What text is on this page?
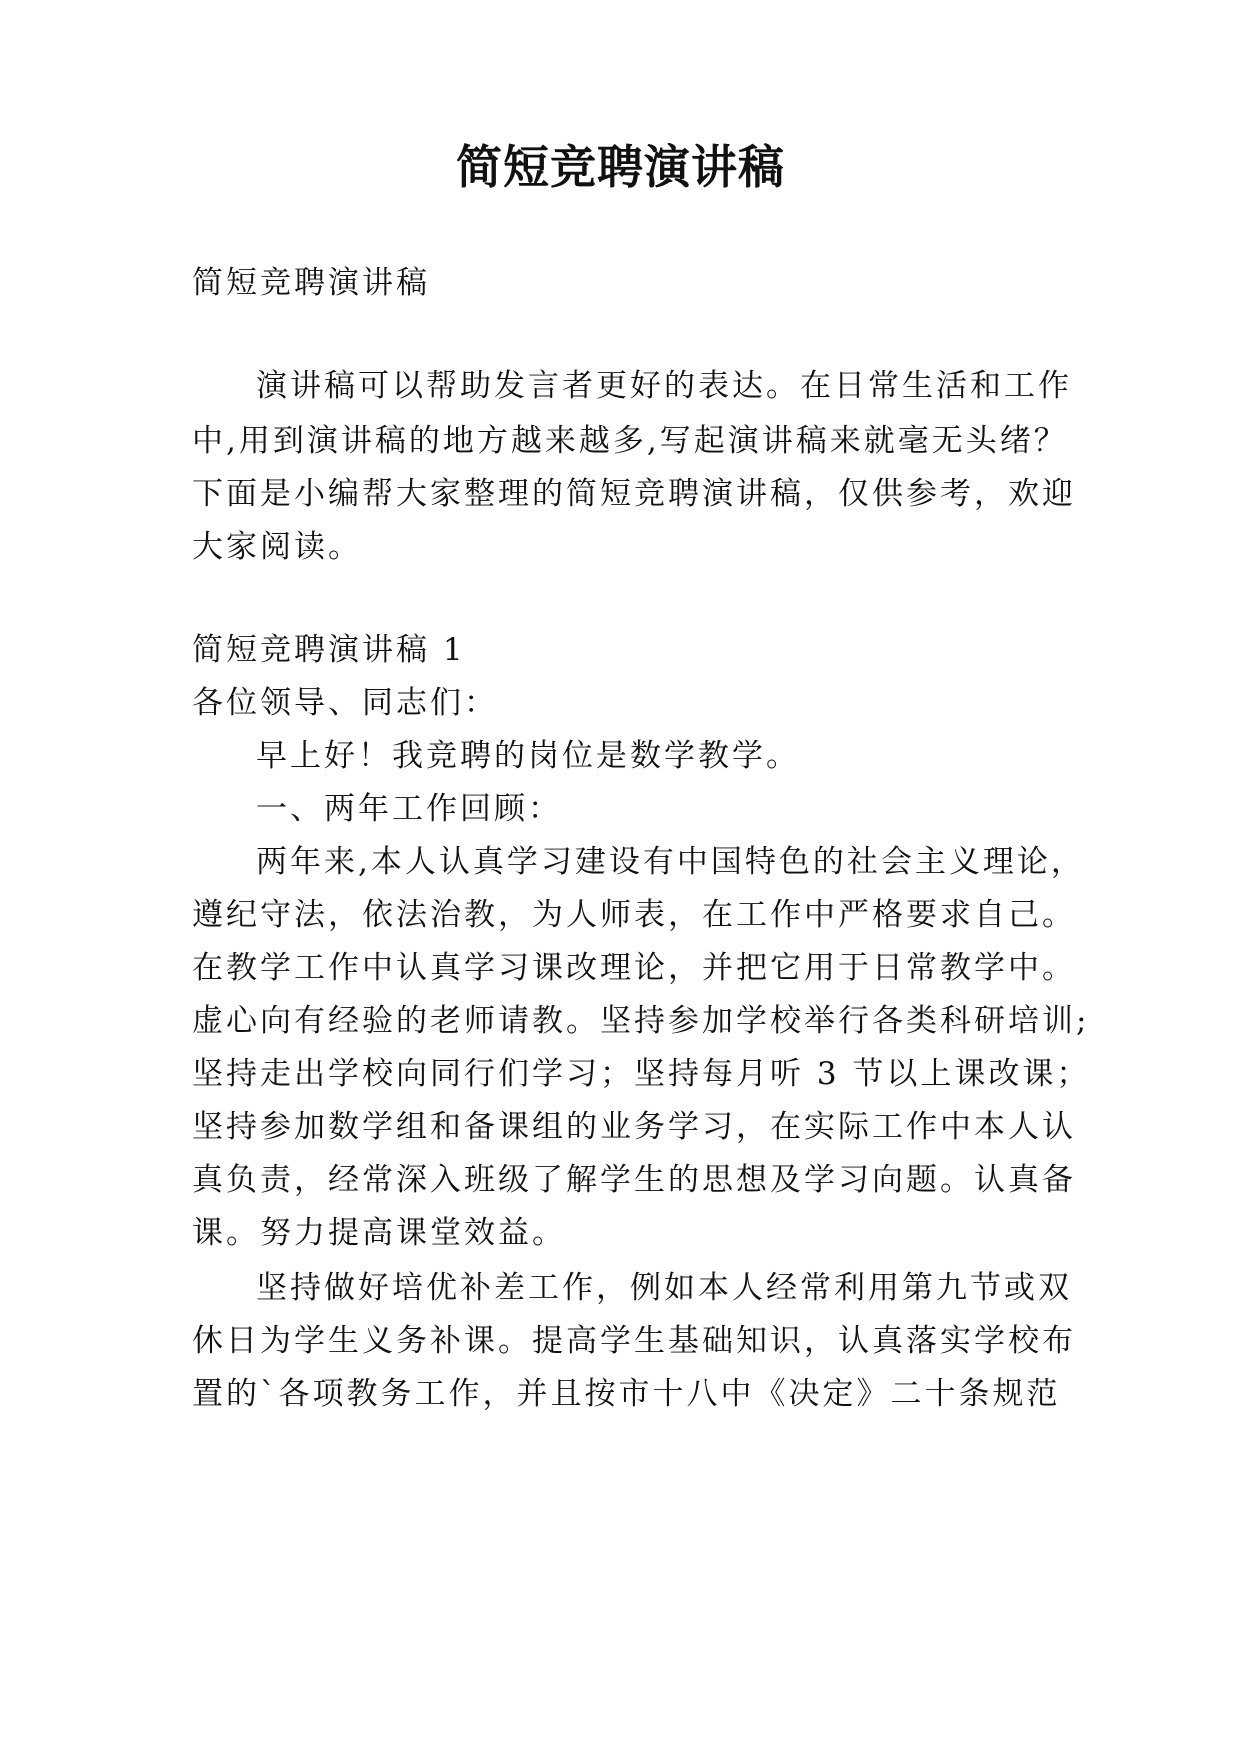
简短竞聘演讲稿
简短竞聘演讲稿
演讲稿可以帮助发言者更好的表达。在日常生活和工作
中,用到演讲稿的地方越来越多,写起演讲稿来就毫无头绪？
下面是小编帮大家整理的简短竞聘演讲稿，仅供参考，欢迎
大家阅读。
简短竞聘演讲稿 1
各位领导、同志们：
早上好！我竞聘的岗位是数学教学。
一、两年工作回顾：
两年来,本人认真学习建设有中国特色的社会主义理论，
遵纪守法，依法治教，为人师表，在工作中严格要求自己。
在教学工作中认真学习课改理论，并把它用于日常教学中。
虚心向有经验的老师请教。坚持参加学校举行各类科研培训;
坚持走出学校向同行们学习；坚持每月听 3 节以上课改课；
坚持参加数学组和备课组的业务学习，在实际工作中本人认
真负责，经常深入班级了解学生的思想及学习向题。认真备
课。努力提高课堂效益。
坚持做好培优补差工作，例如本人经常利用第九节或双
休日为学生义务补课。提高学生基础知识，认真落实学校布
置的`各项教务工作，并且按市十八中《决定》二十条规范
